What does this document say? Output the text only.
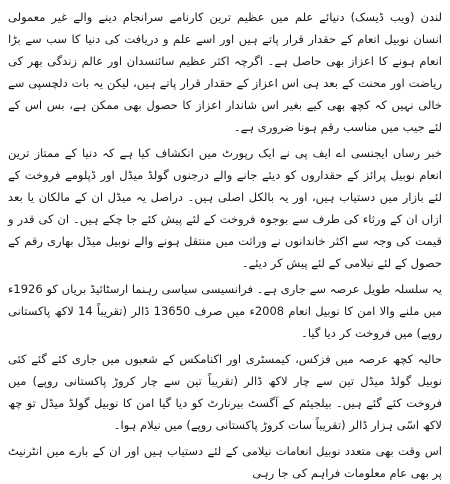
لندن (ویب ڈیسک) دنیائے علم میں عظیم ترین کارنامے سرانجام دینے والے غیر معمولی انسان نوبیل انعام کے حقدار قرار پاتے ہیں اور اسے علم و دریافت کی دنیا کا سب سے بڑا انعام ہونے کا اعزاز بھی حاصل ہے۔ اگرچہ اکثر عظیم سائنسدان اور عالم زندگی بھر کی ریاضت اور محنت کے بعد ہی اس اعزاز کے حقدار قرار پاتے ہیں، لیکن یہ بات دلچسپی سے خالی نہیں کہ کچھ بھی کیے بغیر اس شاندار اعزاز کا حصول بھی ممکن ہے، بس اس کے لئے جیب میں مناسب رقم ہونا ضروری ہے۔

خبر رساں ایجنسی اے ایف پی نے ایک رپورٹ میں انکشاف کیا ہے کہ دنیا کے ممتاز ترین انعام نوبیل پرائز کے حقداروں کو دیئے جانے والے درجنوں گولڈ میڈل اور ڈپلومے فروخت کے لئے بازار میں دستیاب ہیں، اور یہ بالکل اصلی ہیں۔ دراصل یہ میڈل ان کے مالکان یا بعد ازاں ان کے ورثاء کی طرف سے بوجوہ فروخت کے لئے پیش کئے جا چکے ہیں۔ ان کی قدر و قیمت کی وجہ سے اکثر خاندانوں نے وراثت میں منتقل ہونے والے نوبیل میڈل بھاری رقم کے حصول کے لئے نیلامی کے لئے پیش کر دیئے۔

یہ سلسلہ طویل عرصہ سے جاری ہے۔ فرانسیسی سیاسی رہنما ارسٹائیڈ بریاں کو 1926ء میں ملنے والا امن کا نوبیل انعام 2008ء میں صرف 13650 ڈالر (تقریباً 14 لاکھ پاکستانی روپے) میں فروخت کر دیا گیا۔

حالیہ کچھ عرصہ میں فزکس، کیمسٹری اور اکنامکس کے شعبوں میں جاری کئے گئے کئی نوبیل گولڈ میڈل تین سے چار لاکھ ڈالر (تقریباً تین سے چار کروڑ پاکستانی روپے) میں فروخت کئے گئے ہیں۔ بیلجیئم کے آگسٹ بیرنارٹ کو دیا گیا امن کا نوبیل گولڈ میڈل تو چھ لاکھ اسّی ہزار ڈالر (تقریباً سات کروڑ پاکستانی روپے) میں نیلام ہوا۔

اس وقت بھی متعدد نوبیل انعامات نیلامی کے لئے دستیاب ہیں اور ان کے بارے میں انٹرنیٹ پر بھی عام معلومات فراہم کی جا رہی
